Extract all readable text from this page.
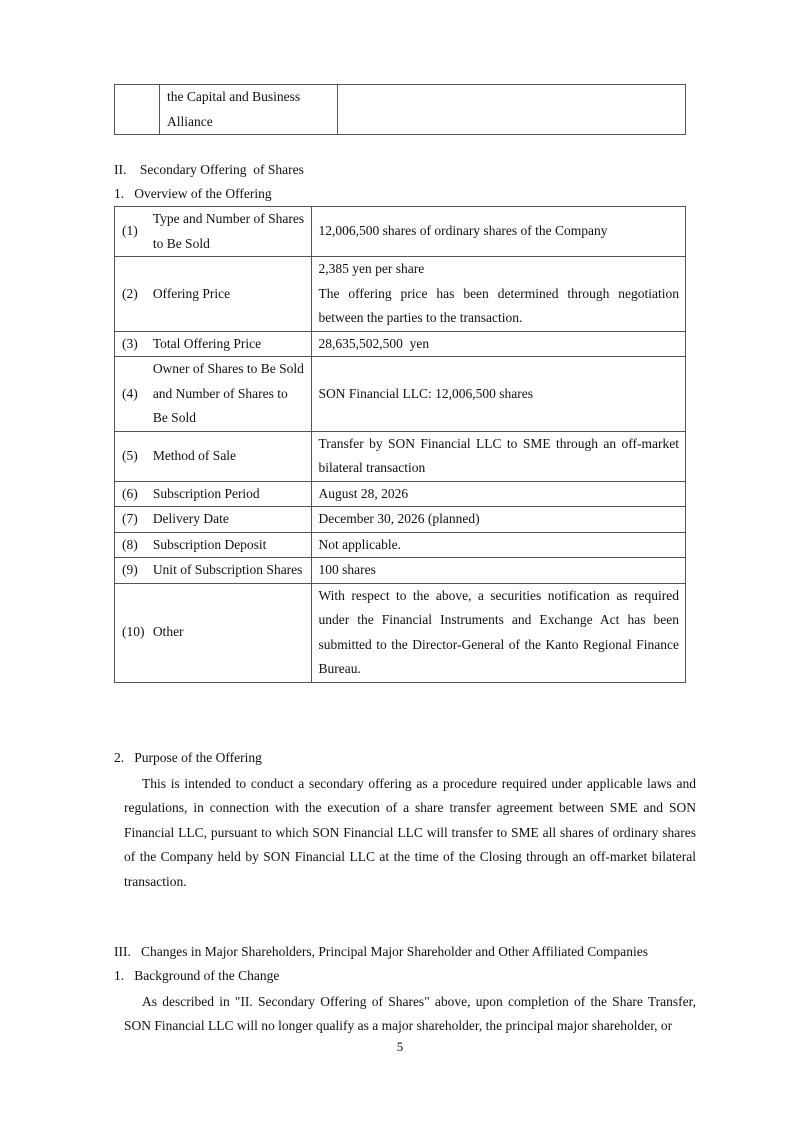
	the Capital and Business Alliance	
II.    Secondary Offering  of Shares
1.   Overview of the Offering
(1)	Type and Number of Shares to Be Sold	12,006,500 shares of ordinary shares of the Company
(2)	Offering Price	2,385 yen per share
The offering price has been determined through negotiation between the parties to the transaction.

(3)	Total Offering Price	28,635,502,500  yen
(4)	Owner of Shares to Be Sold and Number of Shares to Be Sold	SON Financial LLC: 12,006,500 shares
(5)	Method of Sale	Transfer by SON Financial LLC to SME through an off-market bilateral transaction
(6)	Subscription Period	August 28, 2026
(7)	Delivery Date	December 30, 2026 (planned)
(8)	Subscription Deposit	Not applicable.
(9)	Unit of Subscription Shares	100 shares
(10)	Other	With respect to the above, a securities notification as required under the Financial Instruments and Exchange Act has been submitted to the Director-General of the Kanto Regional Finance Bureau.
2.   Purpose of the Offering
This is intended to conduct a secondary offering as a procedure required under applicable laws and regulations, in connection with the execution of a share transfer agreement between SME and SON Financial LLC, pursuant to which SON Financial LLC will transfer to SME all shares of ordinary shares of the Company held by SON Financial LLC at the time of the Closing through an off-market bilateral transaction.
III.   Changes in Major Shareholders, Principal Major Shareholder and Other Affiliated Companies
1.   Background of the Change
As described in "II. Secondary Offering of Shares" above, upon completion of the Share Transfer, SON Financial LLC will no longer qualify as a major shareholder, the principal major shareholder, or
5
